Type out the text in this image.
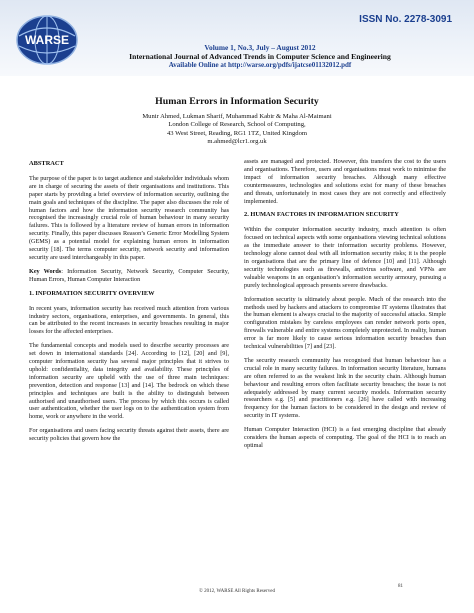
WARSE
ISSN No. 2278-3091
Volume 1, No.3, July – August 2012
International Journal of Advanced Trends in Computer Science and Engineering
Available Online at http://warse.org/pdfs/ijatcse01132012.pdf
Human Errors in Information Security
Munir Ahmed, Lukman Sharif, Muhammad Kabir & Maha Al-Maimani
London College of Research, School of Computing,
43 West Street, Reading, RG1 1TZ, United Kingdom
m.ahmed@lcr1.org.uk
ABSTRACT

The purpose of the paper is to target audience and stakeholder individuals whom are in charge of securing the assets of their organisations and institutions. This paper starts by providing a brief overview of information security, outlining the main goals and techniques of the discipline. The paper also discusses the role of human factors and how the information security research community has recognised the increasingly crucial role of human behaviour in many security failures. This is followed by a literature review of human errors in information security. Finally, this paper discusses Reason’s Generic Error Modelling System (GEMS) as a potential model for explaining human errors in information security [18]. The terms computer security, network security and information security are used interchangeably in this paper.

Key Words: Information Security, Network Security, Computer Security, Human Errors, Human Computer Interaction

1. INFORMATION SECURITY OVERVIEW

In recent years, information security has received much attention from various industry sectors, organisations, enterprises, and governments. In general, this can be attributed to the recent increases in security breaches resulting in major losses for the affected enterprises.

The fundamental concepts and models used to describe security processes are set down in international standards [24]. According to [12], [20] and [9], computer information security has several major principles that it strives to uphold: confidentiality, data integrity and availability. These principles of information security are upheld with the use of three main techniques: prevention, detection and response [13] and [14]. The bedrock on which these principles and techniques are built is the ability to distinguish between authorised and unauthorised users. The process by which this occurs is called user authentication, whether the user logs on to the authentication system from home, work or anywhere in the world.

For organisations and users facing security threats against their assets, there are security policies that govern how the

assets are managed and protected. However, this transfers the cost to the users and organisations. Therefore, users and organisations must work to minimise the impact of information security breaches. Although many effective countermeasures, technologies and solutions exist for many of these breaches and threats, unfortunately in most cases they are not correctly and effectively implemented.

2. HUMAN FACTORS IN INFORMATION SECURITY

Within the computer information security industry, much attention is often focused on technical aspects with some organisations viewing technical solutions as the immediate answer to their information security problems. However, technology alone cannot deal with all information security risks; it is the people in organisations that are the primary line of defence [10] and [11]. Although security technologies such as firewalls, antivirus software, and VPNs are valuable weapons in an organisation’s information security armoury, pursuing a purely technological approach presents severe drawbacks.

Information security is ultimately about people. Much of the research into the methods used by hackers and attackers to compromise IT systems illustrates that the human element is always crucial to the majority of successful attacks. Simple configuration mistakes by careless employees can render network ports open, firewalls vulnerable and entire systems completely unprotected. In reality, human error is far more likely to cause serious information security breaches than technical vulnerabilities [7] and [23].

The security research community has recognised that human behaviour has a crucial role in many security failures. In information security literature, humans are often referred to as the weakest link in the security chain. Although human behaviour and resulting errors often facilitate security breaches; the issue is not adequately addressed by many current security models. Information security researchers e.g. [5] and practitioners e.g. [26] have called with increasing frequency for the human factors to be considered in the design and review of security in IT systems.

Human Computer Interaction (HCI) is a fast emerging discipline that already considers the human aspects of computing. The goal of the HCI is to reach an optimal

81
© 2012, WARSE All Rights Reserved
